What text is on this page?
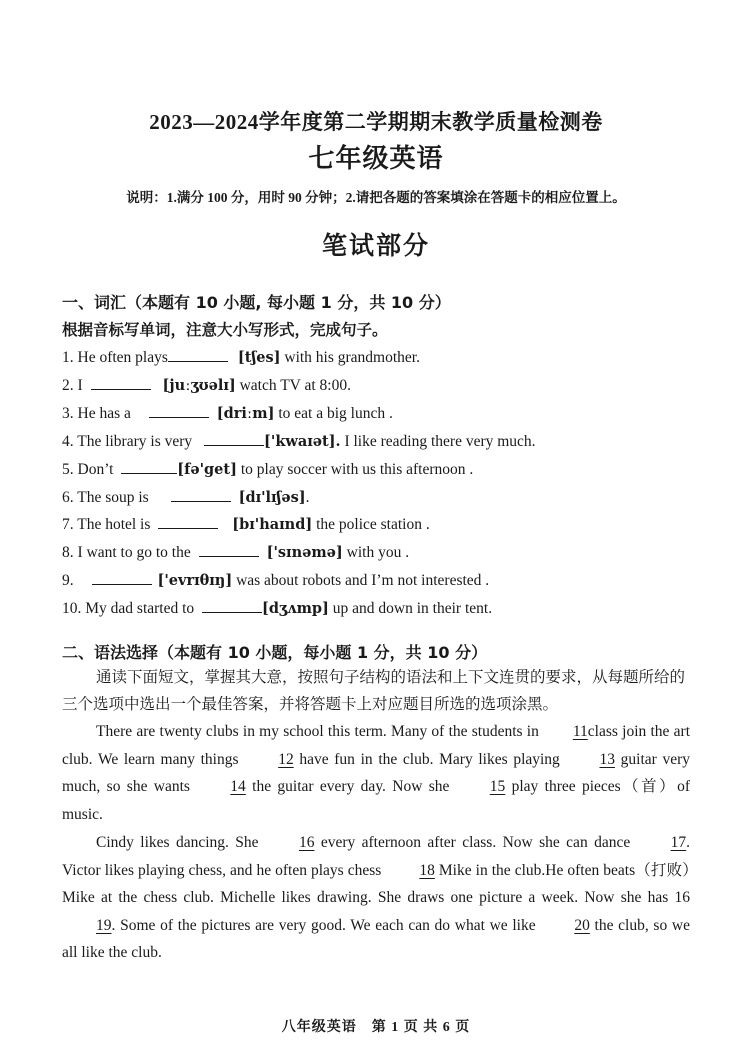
2023—2024学年度第二学期期末教学质量检测卷
七年级英语
说明：1.满分 100 分，用时 90 分钟；2.请把各题的答案填涂在答题卡的相应位置上。
笔试部分
一、词汇（本题有 10 小题, 每小题 1 分，共 10 分）
根据音标写单词，注意大小写形式，完成句子。
1. He often plays	[tʃes] with his grandmother.
2. I	[juːʒʊəlɪ] watch TV at 8:00.
3. He has a	[driːm] to eat a big lunch .
4. The library is very	['kwaɪət]. I like reading there very much.
5. Don’t	[fə'get] to play soccer with us this afternoon .
6. The soup is	[dɪ'lɪʃəs].
7. The hotel is	[bɪ'haɪnd] the police station .
8. I want to go to the	['sɪnəmə] with you .
9.	['evrɪθɪŋ] was about robots and I’m not interested .
10. My dad started to	[dʒʌmp] up and down in their tent.
二、语法选择（本题有 10 小题，每小题 1 分，共 10 分）
通读下面短文，掌握其大意，按照句子结构的语法和上下文连贯的要求，从每题所给的三个选项中选出一个最佳答案，并将答题卡上对应题目所选的选项涂黑。
There are twenty clubs in my school this term. Many of the students in 11class join the art club. We learn many things 12 have fun in the club. Mary likes playing 13 guitar very much, so she wants 14 the guitar every day. Now she 15 play three pieces（首）of music.
Cindy likes dancing. She 16 every afternoon after class. Now she can dance 17. Victor likes playing chess, and he often plays chess 18 Mike in the club.He often beats（打败）Mike at the chess club. Michelle likes drawing. She draws one picture a week. Now she has 16 19. Some of the pictures are very good. We each can do what we like 20 the club, so we all like the club.
八年级英语　第 1 页 共 6 页
